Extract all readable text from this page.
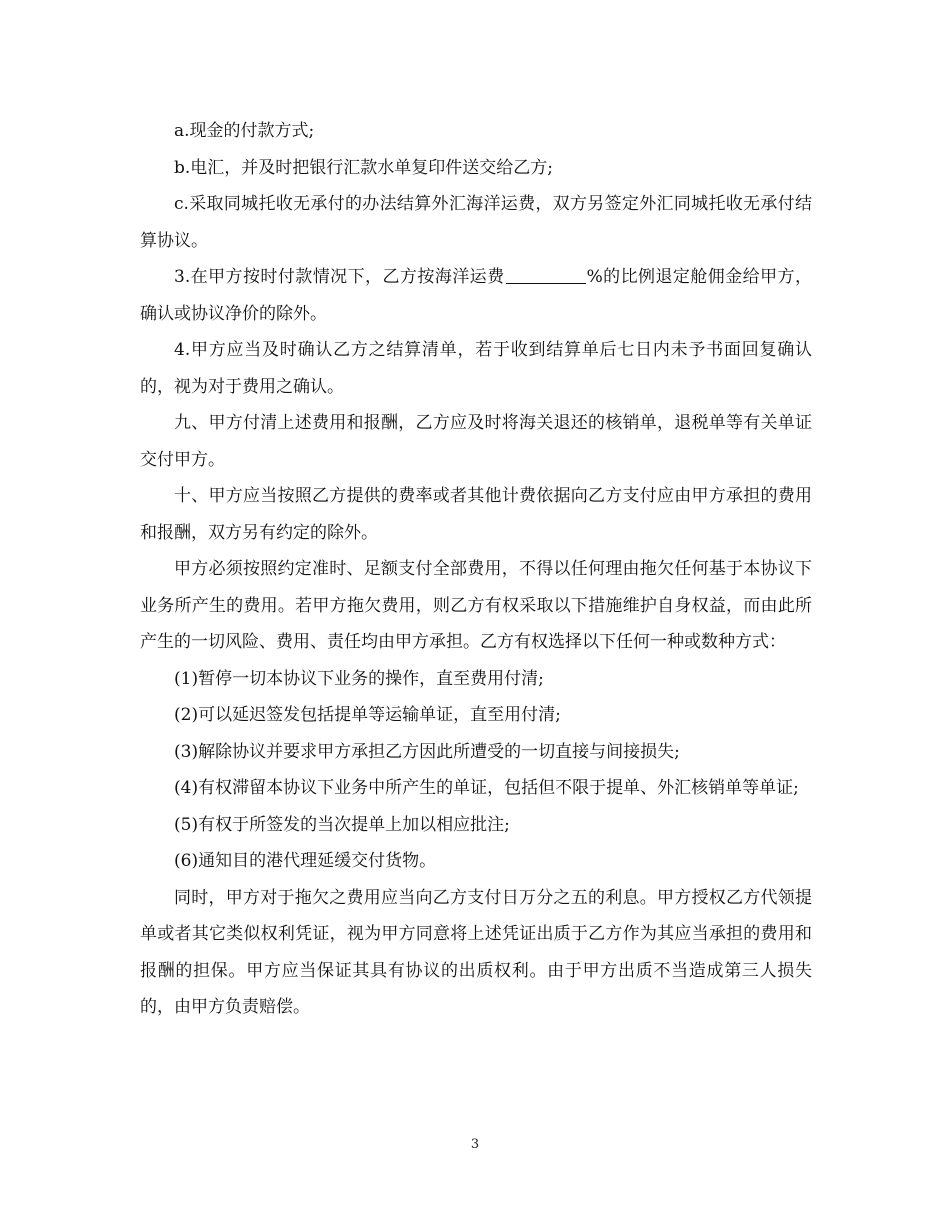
a.现金的付款方式;

b.电汇，并及时把银行汇款水单复印件送交给乙方;

c.采取同城托收无承付的办法结算外汇海洋运费，双方另签定外汇同城托收无承付结算协议。

3.在甲方按时付款情况下，乙方按海洋运费	%的比例退定舱佣金给甲方，确认或协议净价的除外。

4.甲方应当及时确认乙方之结算清单，若于收到结算单后七日内未予书面回复确认的，视为对于费用之确认。

九、甲方付清上述费用和报酬，乙方应及时将海关退还的核销单，退税单等有关单证交付甲方。

十、甲方应当按照乙方提供的费率或者其他计费依据向乙方支付应由甲方承担的费用和报酬，双方另有约定的除外。

甲方必须按照约定准时、足额支付全部费用，不得以任何理由拖欠任何基于本协议下业务所产生的费用。若甲方拖欠费用，则乙方有权采取以下措施维护自身权益，而由此所产生的一切风险、费用、责任均由甲方承担。乙方有权选择以下任何一种或数种方式：

(1)暂停一切本协议下业务的操作，直至费用付清;

(2)可以延迟签发包括提单等运输单证，直至用付清;

(3)解除协议并要求甲方承担乙方因此所遭受的一切直接与间接损失;

(4)有权滞留本协议下业务中所产生的单证，包括但不限于提单、外汇核销单等单证;

(5)有权于所签发的当次提单上加以相应批注;

(6)通知目的港代理延缓交付货物。

同时，甲方对于拖欠之费用应当向乙方支付日万分之五的利息。甲方授权乙方代领提单或者其它类似权利凭证，视为甲方同意将上述凭证出质于乙方作为其应当承担的费用和报酬的担保。甲方应当保证其具有协议的出质权利。由于甲方出质不当造成第三人损失的，由甲方负责赔偿。

3
